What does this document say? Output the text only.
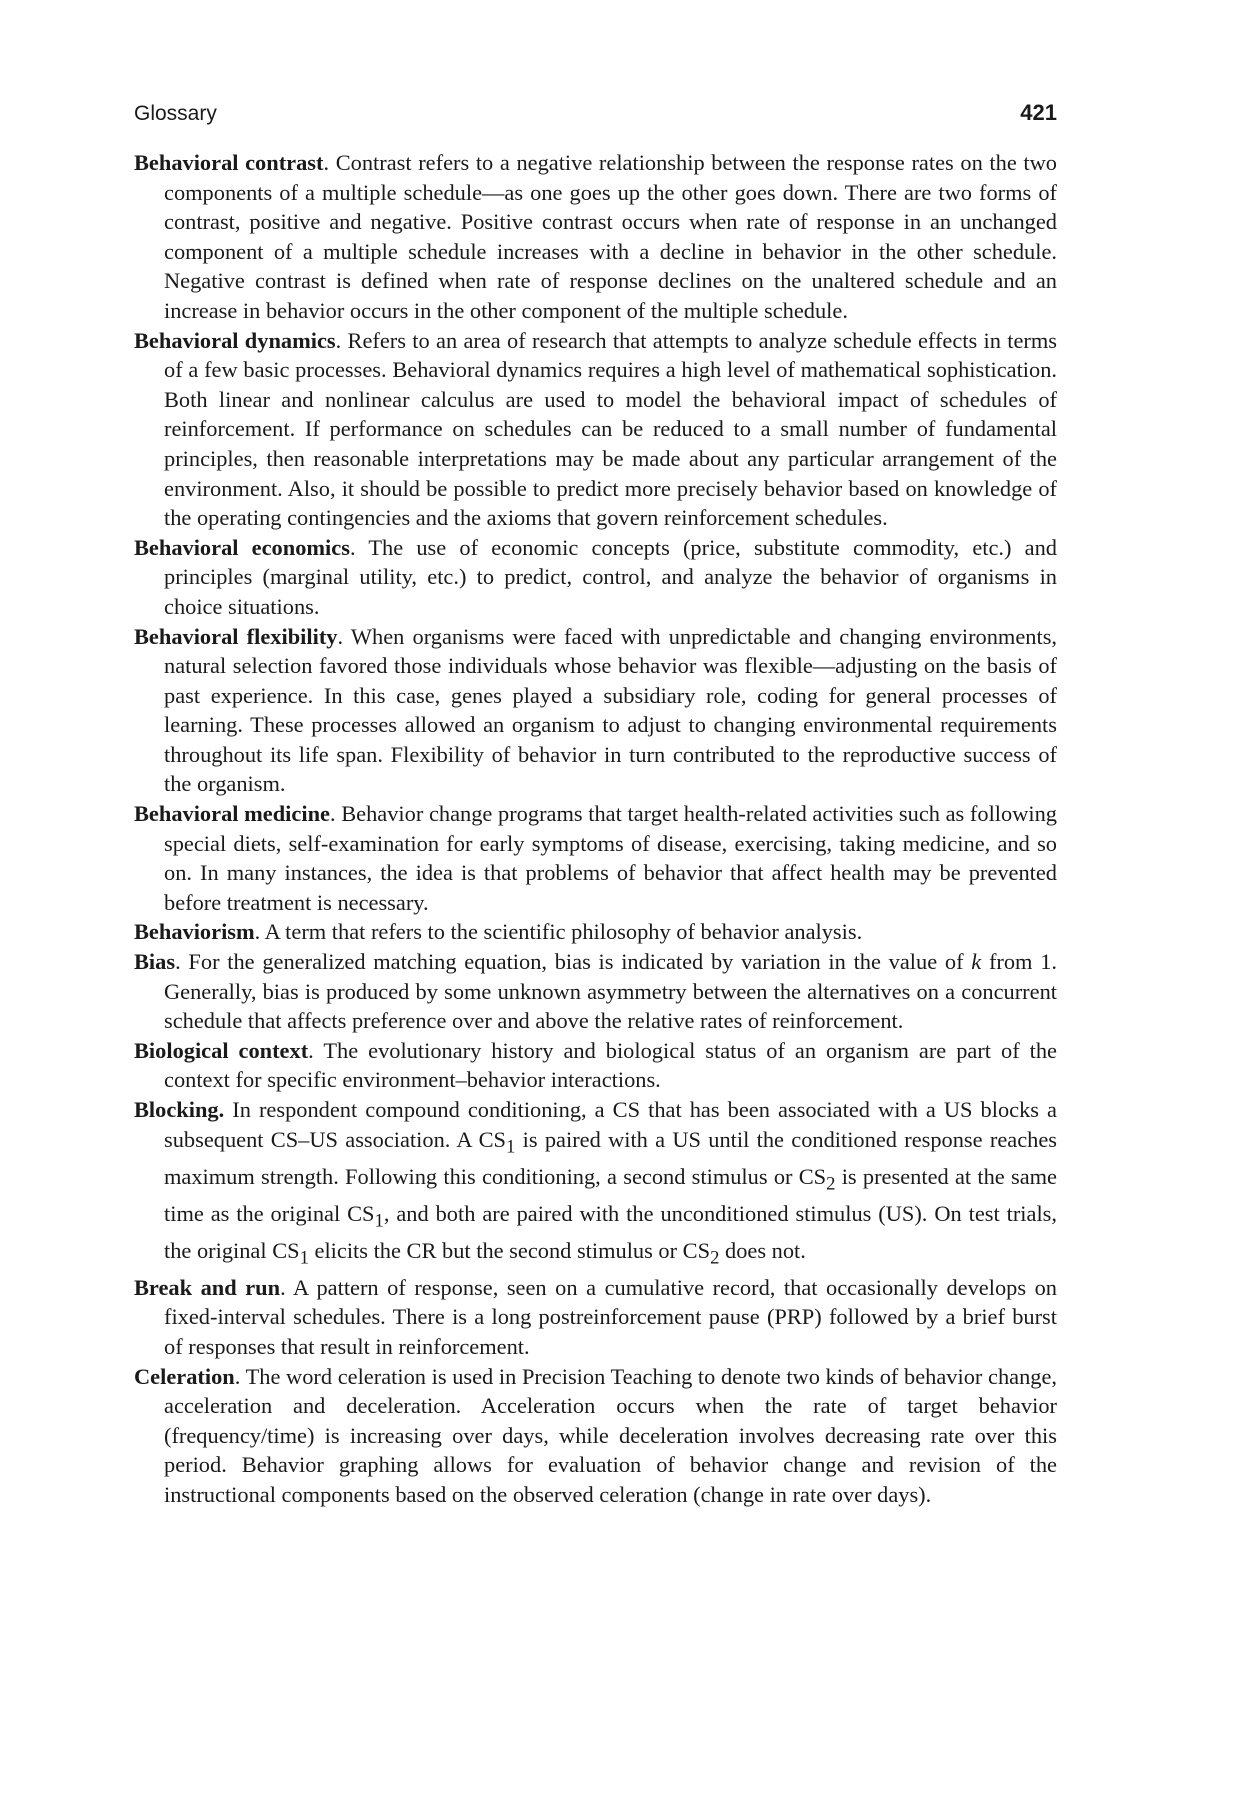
Glossary	421

Behavioral contrast. Contrast refers to a negative relationship between the response rates on the two components of a multiple schedule—as one goes up the other goes down. There are two forms of contrast, positive and negative. Positive contrast occurs when rate of response in an unchanged component of a multiple schedule increases with a decline in behavior in the other schedule. Negative contrast is defined when rate of response declines on the unaltered schedule and an increase in behavior occurs in the other component of the multiple schedule.

Behavioral dynamics. Refers to an area of research that attempts to analyze schedule effects in terms of a few basic processes. Behavioral dynamics requires a high level of mathematical sophistication. Both linear and nonlinear calculus are used to model the behavioral impact of schedules of reinforcement. If performance on schedules can be reduced to a small number of fundamental principles, then reasonable interpretations may be made about any particular arrangement of the environment. Also, it should be possible to predict more precisely behavior based on knowledge of the operating contingencies and the axioms that govern reinforcement schedules.

Behavioral economics. The use of economic concepts (price, substitute commodity, etc.) and principles (marginal utility, etc.) to predict, control, and analyze the behavior of organisms in choice situations.

Behavioral flexibility. When organisms were faced with unpredictable and changing environments, natural selection favored those individuals whose behavior was flexible—adjusting on the basis of past experience. In this case, genes played a subsidiary role, coding for general processes of learning. These processes allowed an organism to adjust to changing environmental requirements throughout its life span. Flexibility of behavior in turn contributed to the reproductive success of the organism.

Behavioral medicine. Behavior change programs that target health-related activities such as following special diets, self-examination for early symptoms of disease, exercising, taking medicine, and so on. In many instances, the idea is that problems of behavior that affect health may be prevented before treatment is necessary.

Behaviorism. A term that refers to the scientific philosophy of behavior analysis.

Bias. For the generalized matching equation, bias is indicated by variation in the value of k from 1. Generally, bias is produced by some unknown asymmetry between the alternatives on a concurrent schedule that affects preference over and above the relative rates of reinforcement.

Biological context. The evolutionary history and biological status of an organism are part of the context for specific environment–behavior interactions.

Blocking. In respondent compound conditioning, a CS that has been associated with a US blocks a subsequent CS–US association. A $CS_1$ is paired with a US until the conditioned response reaches maximum strength. Following this conditioning, a second stimulus or $CS_2$ is presented at the same time as the original $CS_1$, and both are paired with the unconditioned stimulus (US). On test trials, the original $CS_1$ elicits the CR but the second stimulus or $CS_2$ does not.

Break and run. A pattern of response, seen on a cumulative record, that occasionally develops on fixed-interval schedules. There is a long postreinforcement pause (PRP) followed by a brief burst of responses that result in reinforcement.

Celeration. The word celeration is used in Precision Teaching to denote two kinds of behavior change, acceleration and deceleration. Acceleration occurs when the rate of target behavior (frequency/time) is increasing over days, while deceleration involves decreasing rate over this period. Behavior graphing allows for evaluation of behavior change and revision of the instructional components based on the observed celeration (change in rate over days).
